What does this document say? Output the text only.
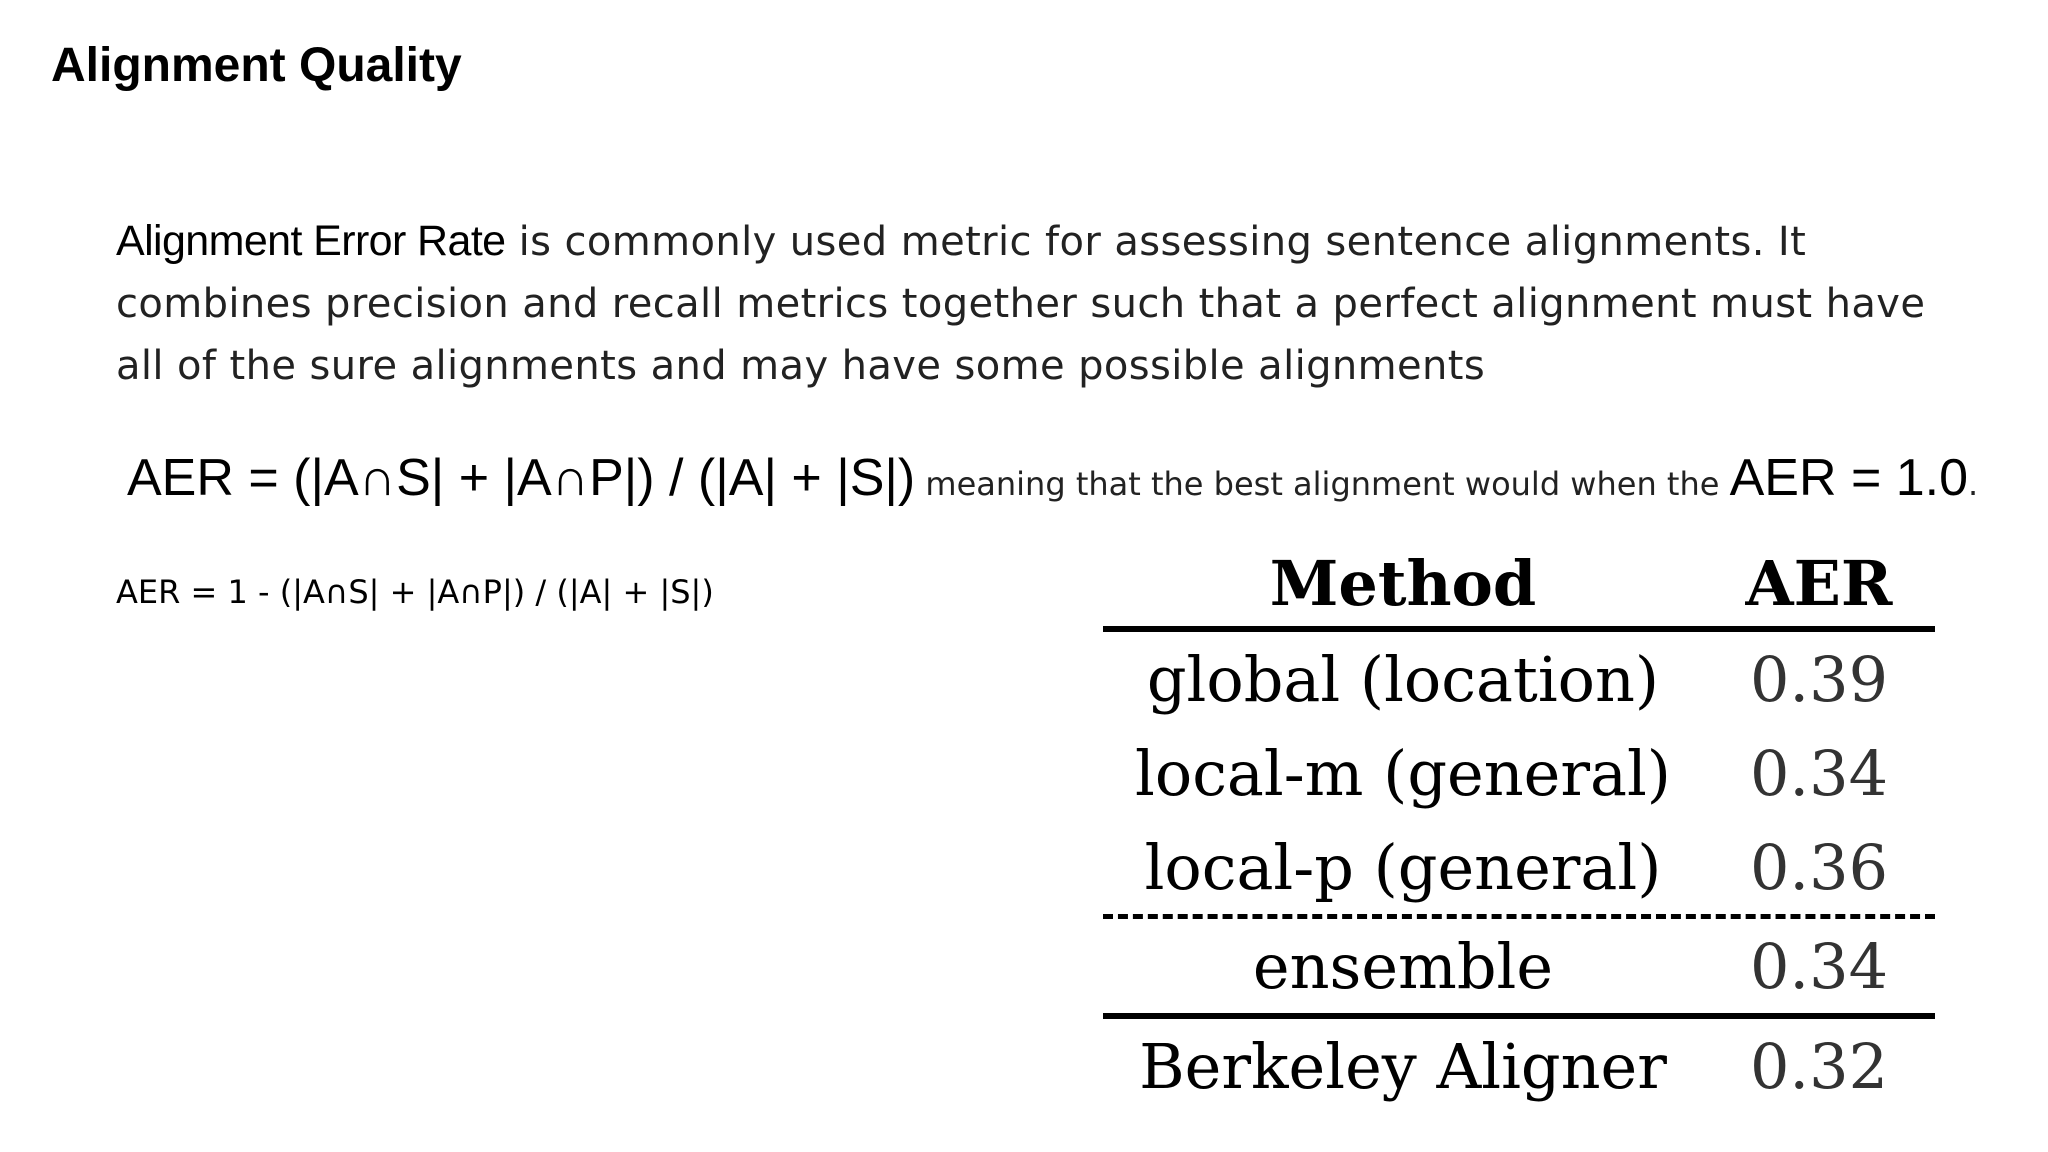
Alignment Quality
Alignment Error Rate is commonly used metric for assessing sentence alignments. It
combines precision and recall metrics together such that a perfect alignment must have
all of the sure alignments and may have some possible alignments
AER = (|A∩S| + |A∩P|) / (|A| + |S|) meaning that the best alignment would when the AER = 1.0.
AER = 1 - (|A∩S| + |A∩P|) / (|A| + |S|)	Method	AER
global (location)	0.39
local-m (general)	0.34
local-p (general)	0.36
ensemble	0.34
Berkeley Aligner	0.32
